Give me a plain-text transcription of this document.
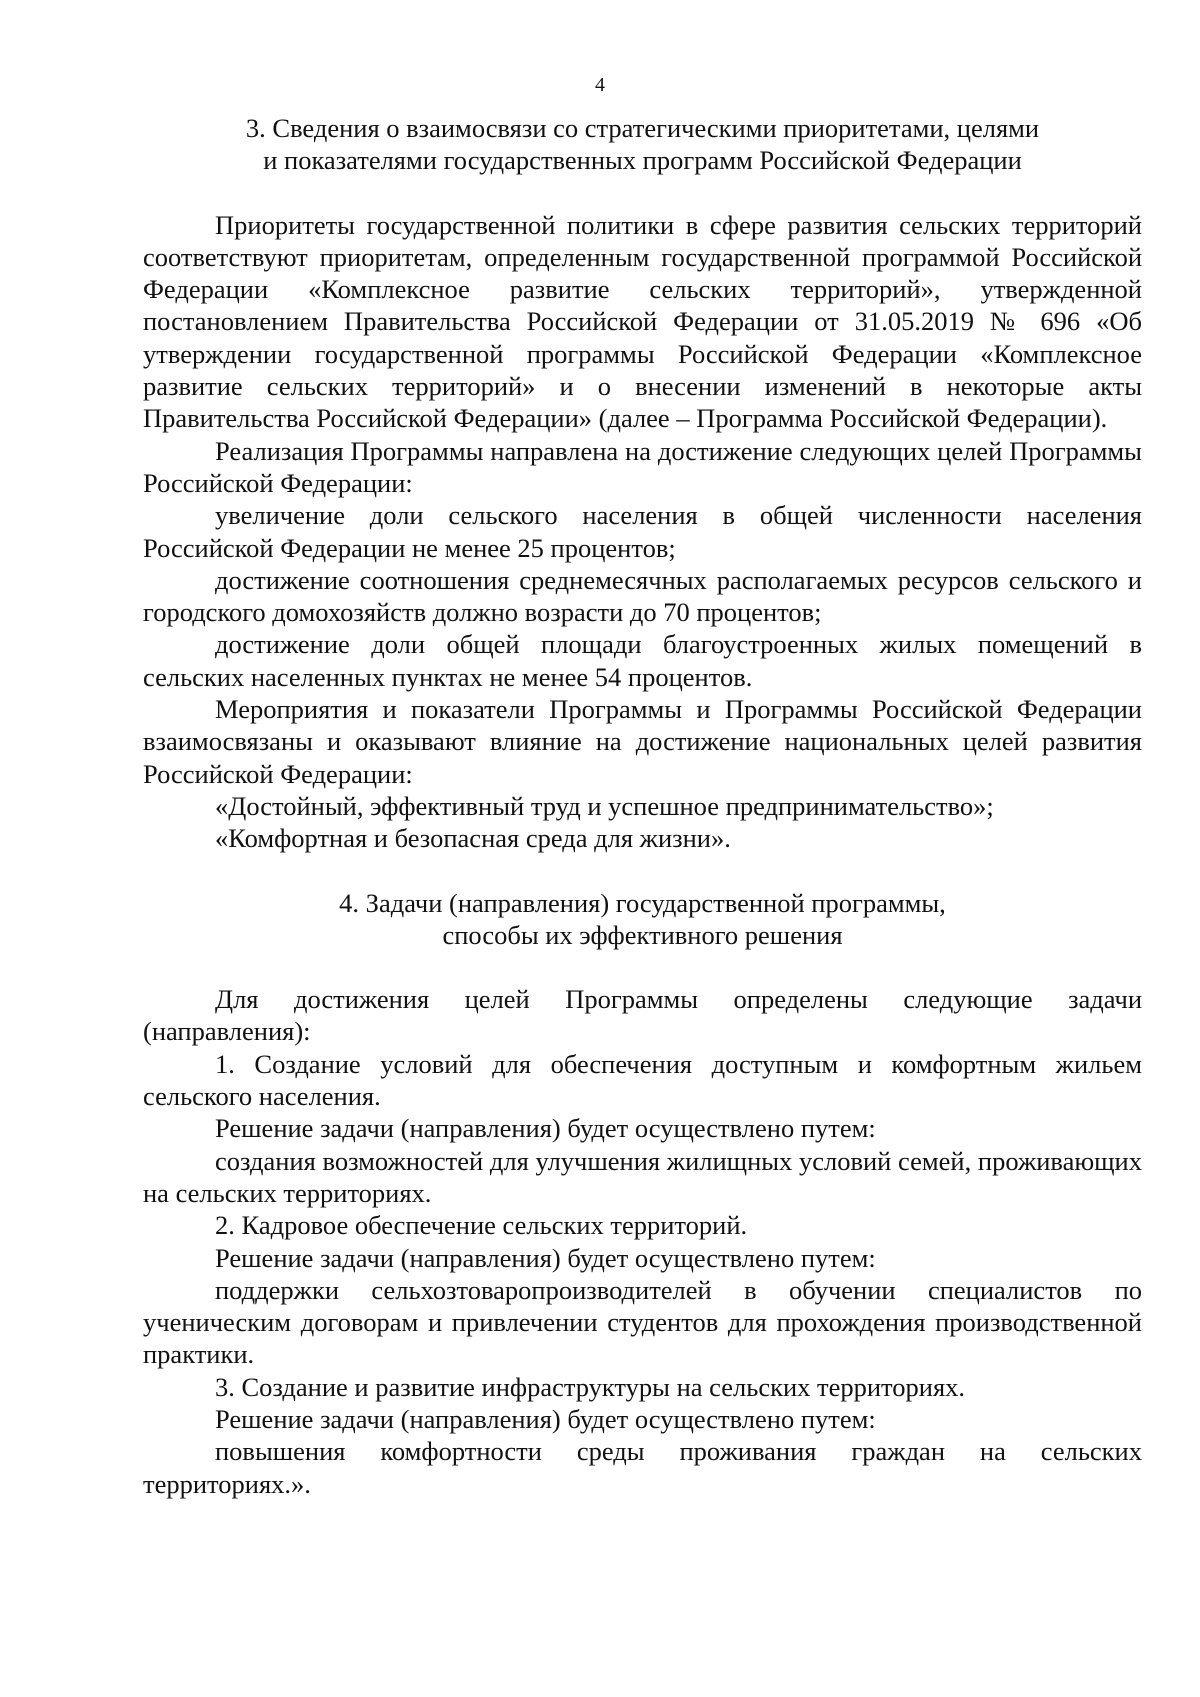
4
3. Сведения о взаимосвязи со стратегическими приоритетами, целями
и показателями государственных программ Российской Федерации

Приоритеты государственной политики в сфере развития сельских территорий соответствуют приоритетам, определенным государственной программой Российской Федерации «Комплексное развитие сельских территорий», утвержденной постановлением Правительства Российской Федерации от 31.05.2019 № 696 «Об утверждении государственной программы Российской Федерации «Комплексное развитие сельских территорий» и о внесении изменений в некоторые акты Правительства Российской Федерации» (далее – Программа Российской Федерации).

Реализация Программы направлена на достижение следующих целей Программы Российской Федерации:

увеличение доли сельского населения в общей численности населения Российской Федерации не менее 25 процентов;

достижение соотношения среднемесячных располагаемых ресурсов сельского и городского домохозяйств должно возрасти до 70 процентов;

достижение доли общей площади благоустроенных жилых помещений в сельских населенных пунктах не менее 54 процентов.

Мероприятия и показатели Программы и Программы Российской Федерации взаимосвязаны и оказывают влияние на достижение национальных целей развития Российской Федерации:

«Достойный, эффективный труд и успешное предпринимательство»;

«Комфортная и безопасная среда для жизни».

4. Задачи (направления) государственной программы,
способы их эффективного решения

Для достижения целей Программы определены следующие задачи (направления):

1. Создание условий для обеспечения доступным и комфортным жильем сельского населения.

Решение задачи (направления) будет осуществлено путем:

создания возможностей для улучшения жилищных условий семей, проживающих на сельских территориях.

2. Кадровое обеспечение сельских территорий.

Решение задачи (направления) будет осуществлено путем:

поддержки сельхозтоваропроизводителей в обучении специалистов по ученическим договорам и привлечении студентов для прохождения производственной практики.

3. Создание и развитие инфраструктуры на сельских территориях.

Решение задачи (направления) будет осуществлено путем:

повышения комфортности среды проживания граждан на сельских территориях.».
